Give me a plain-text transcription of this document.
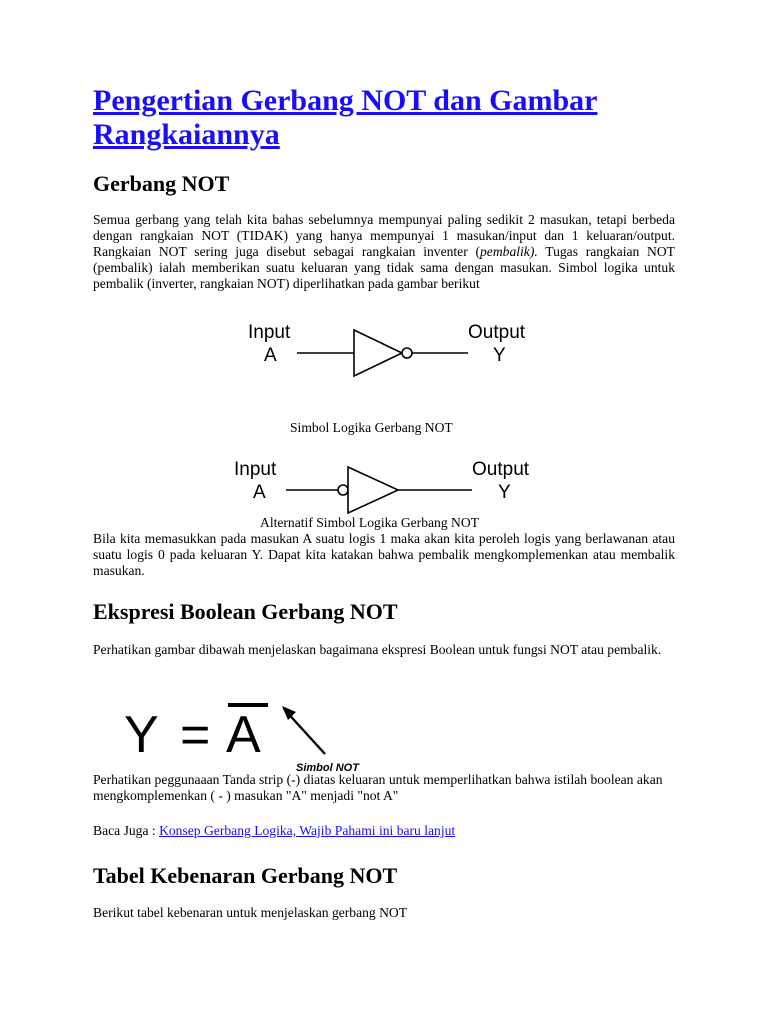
Pengertian Gerbang NOT dan Gambar Rangkaiannya
Gerbang NOT

Semua gerbang yang telah kita bahas sebelumnya mempunyai paling sedikit 2 masukan, tetapi berbeda dengan rangkaian NOT (TIDAK) yang hanya mempunyai 1 masukan/input dan 1 keluaran/output. Rangkaian NOT sering juga disebut sebagai rangkaian inventer (pembalik). Tugas rangkaian NOT (pembalik) ialah memberikan suatu keluaran yang tidak sama dengan masukan. Simbol logika untuk pembalik (inverter, rangkaian NOT) diperlihatkan pada gambar berikut

Input
A
Output
Y

Simbol Logika Gerbang NOT

Input
A
Output
Y

Alternatif Simbol Logika Gerbang NOT

Bila kita memasukkan pada masukan A suatu logis 1 maka akan kita peroleh logis yang berlawanan atau suatu logis 0 pada keluaran Y. Dapat kita katakan bahwa pembalik mengkomplemenkan atau membalik masukan.

Ekspresi Boolean Gerbang NOT

Perhatikan gambar dibawah menjelaskan bagaimana ekspresi Boolean untuk fungsi NOT atau pembalik.

Y = A
Simbol NOT

Perhatikan peggunaaan Tanda strip (-) diatas keluaran untuk memperlihatkan bahwa istilah boolean akan mengkomplemenkan ( - ) masukan "A" menjadi "not A"

Baca Juga : Konsep Gerbang Logika, Wajib Pahami ini baru lanjut

Tabel Kebenaran Gerbang NOT

Berikut tabel kebenaran untuk menjelaskan gerbang NOT
